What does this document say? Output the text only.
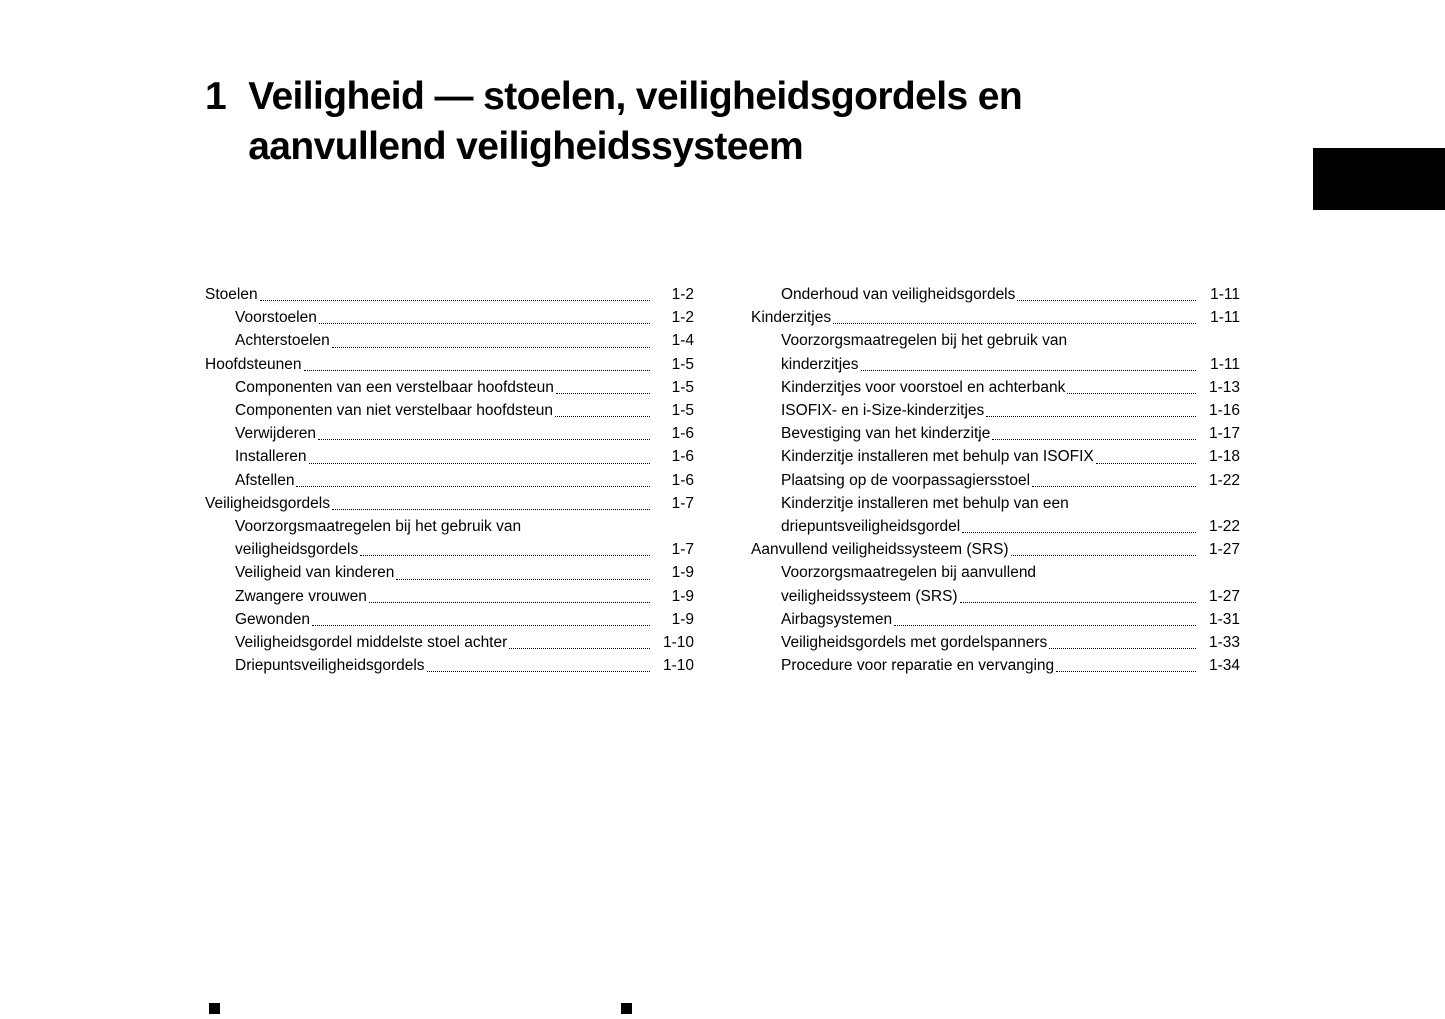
1 Veiligheid — stoelen, veiligheidsgordels en aanvullend veiligheidssysteem
Stoelen	1-2
Voorstoelen	1-2
Achterstoelen	1-4
Hoofdsteunen	1-5
Componenten van een verstelbaar hoofdsteun	1-5
Componenten van niet verstelbaar hoofdsteun	1-5
Verwijderen	1-6
Installeren	1-6
Afstellen	1-6
Veiligheidsgordels	1-7
Voorzorgsmaatregelen bij het gebruik van
veiligheidsgordels	1-7
Veiligheid van kinderen	1-9
Zwangere vrouwen	1-9
Gewonden	1-9
Veiligheidsgordel middelste stoel achter	1-10
Driepuntsveiligheidsgordels	1-10
Onderhoud van veiligheidsgordels	1-11
Kinderzitjes	1-11
Voorzorgsmaatregelen bij het gebruik van
kinderzitjes	1-11
Kinderzitjes voor voorstoel en achterbank	1-13
ISOFIX- en i-Size-kinderzitjes	1-16
Bevestiging van het kinderzitje	1-17
Kinderzitje installeren met behulp van ISOFIX	1-18
Plaatsing op de voorpassagiersstoel	1-22
Kinderzitje installeren met behulp van een
driepuntsveiligheidsgordel	1-22
Aanvullend veiligheidssysteem (SRS)	1-27
Voorzorgsmaatregelen bij aanvullend
veiligheidssysteem (SRS)	1-27
Airbagsystemen	1-31
Veiligheidsgordels met gordelspanners	1-33
Procedure voor reparatie en vervanging	1-34
